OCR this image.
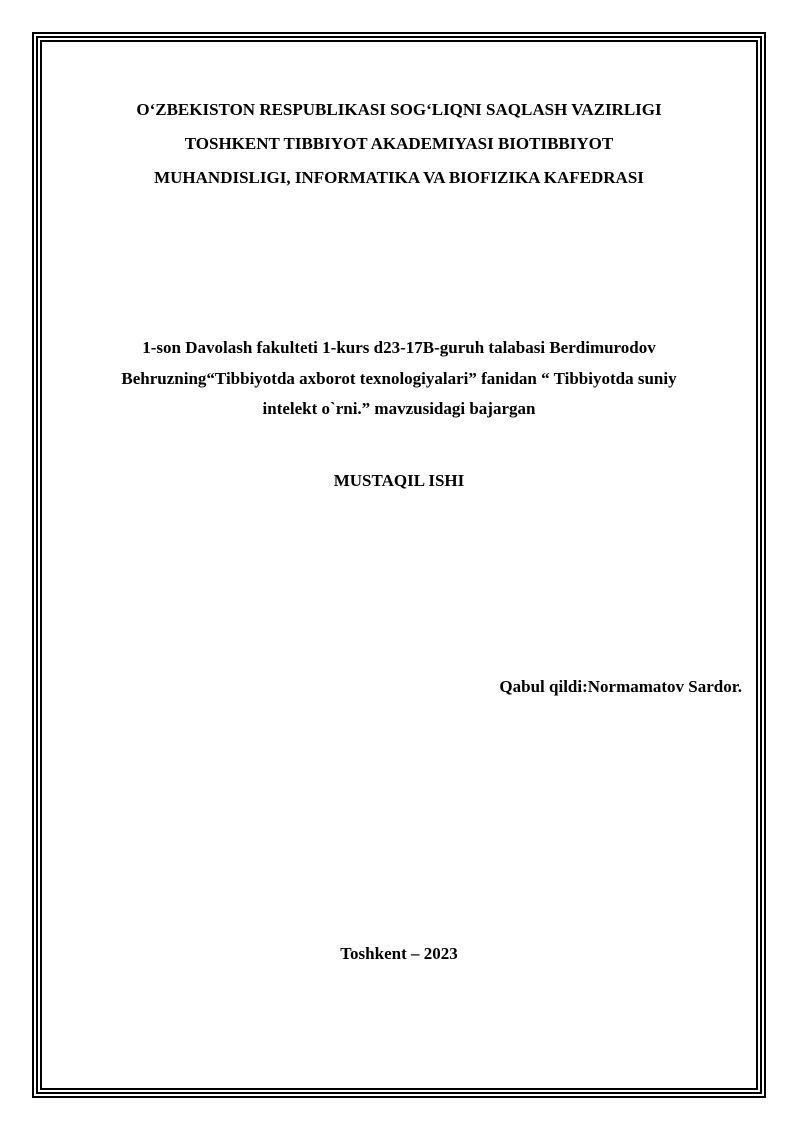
O‘ZBEKISTON RESPUBLIKASI SOG‘LIQNI SAQLASH VAZIRLIGI
TOSHKENT TIBBIYOT AKADEMIYASI BIOTIBBIYOT
MUHANDISLIGI, INFORMATIKA VA BIOFIZIKA KAFEDRASI
1-son Davolash fakulteti 1-kurs d23-17B-guruh talabasi Berdimurodov
Behruzning“Tibbiyotda axborot texnologiyalari” fanidan “ Tibbiyotda suniy
intelekt o`rni.” mavzusidagi bajargan
MUSTAQIL ISHI
Qabul qildi:Normamatov Sardor.
Toshkent – 2023
